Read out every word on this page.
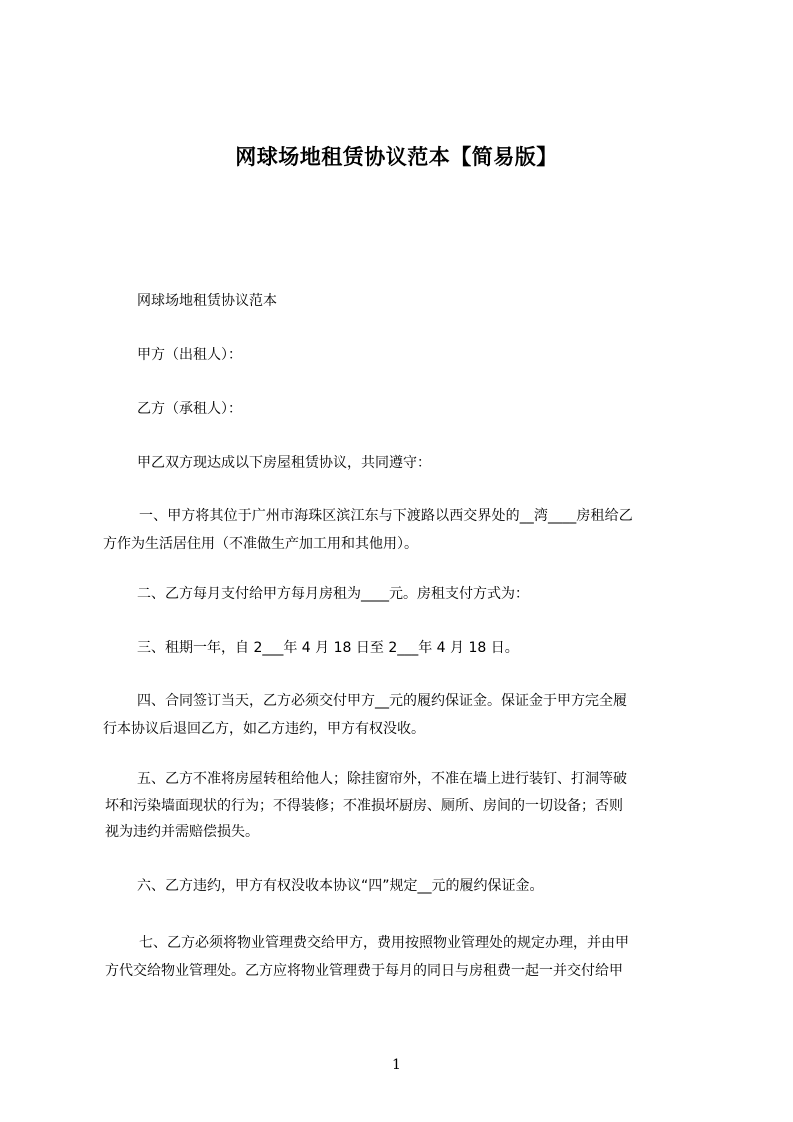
网球场地租赁协议范本【简易版】
网球场地租赁协议范本
甲方（出租人）：
乙方（承租人）：
甲乙双方现达成以下房屋租赁协议，共同遵守：
一、甲方将其位于广州市海珠区滨江东与下渡路以西交界处的__湾____房租给乙
方作为生活居住用（不准做生产加工用和其他用）。
二、乙方每月支付给甲方每月房租为____元。房租支付方式为：
三、租期一年，自 2___年 4 月 18 日至 2___年 4 月 18 日。
四、合同签订当天，乙方必须交付甲方__元的履约保证金。保证金于甲方完全履
行本协议后退回乙方，如乙方违约，甲方有权没收。
五、乙方不准将房屋转租给他人；除挂窗帘外，不准在墙上进行装钉、打洞等破
坏和污染墙面现状的行为；不得装修；不准损坏厨房、厕所、房间的一切设备；否则
视为违约并需赔偿损失。
六、乙方违约，甲方有权没收本协议“四”规定__元的履约保证金。
七、乙方必须将物业管理费交给甲方，费用按照物业管理处的规定办理，并由甲
方代交给物业管理处。乙方应将物业管理费于每月的同日与房租费一起一并交付给甲
1
